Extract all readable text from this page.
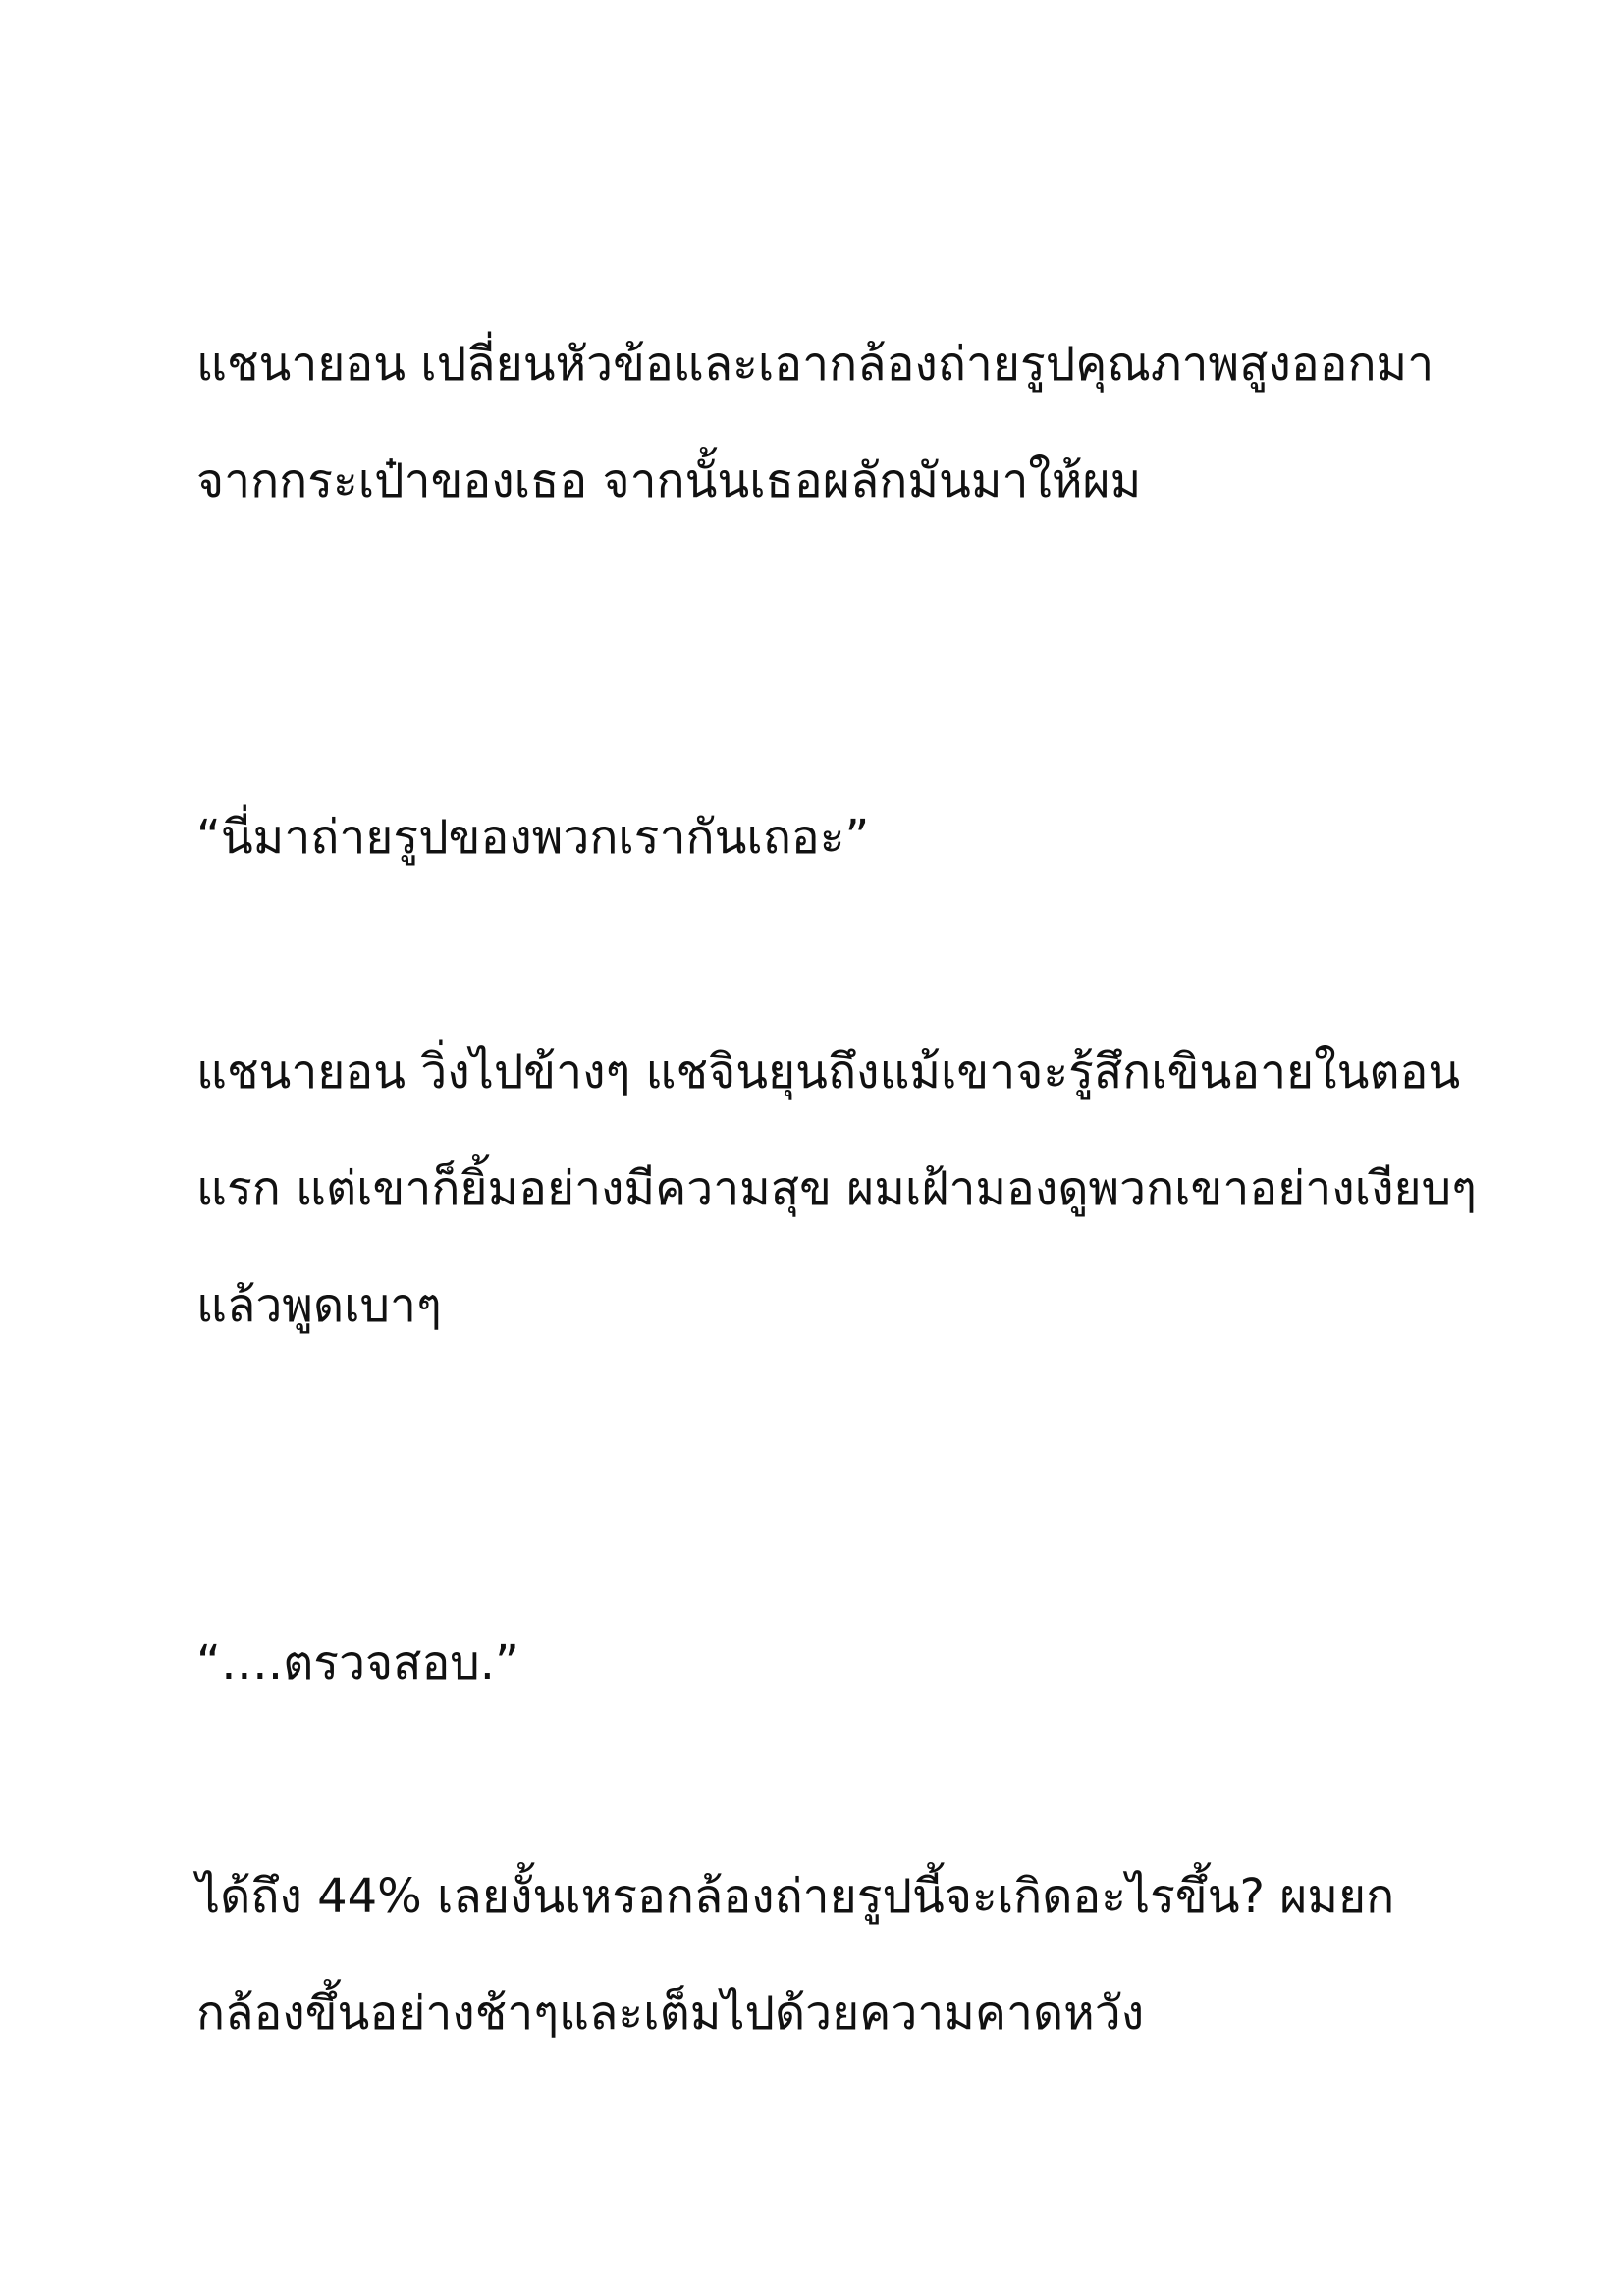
แชนายอน เปลี่ยนหัวข้อและเอากล้องถ่ายรูปคุณภาพสูงออกมา
จากกระเป๋าของเธอ จากนั้นเธอผลักมันมาให้ผม
“นี่มาถ่ายรูปของพวกเรากันเถอะ”
แชนายอน วิ่งไปข้างๆ แชจินยุนถึงแม้เขาจะรู้สึกเขินอายในตอน
แรก แต่เขาก็ยิ้มอย่างมีความสุข ผมเฝ้ามองดูพวกเขาอย่างเงียบๆ
แล้วพูดเบาๆ
“….ตรวจสอบ.”
ได้ถึง 44% เลยงั้นเหรอกล้องถ่ายรูปนี้จะเกิดอะไรขึ้น? ผมยก
กล้องขึ้นอย่างช้าๆและเต็มไปด้วยความคาดหวัง
